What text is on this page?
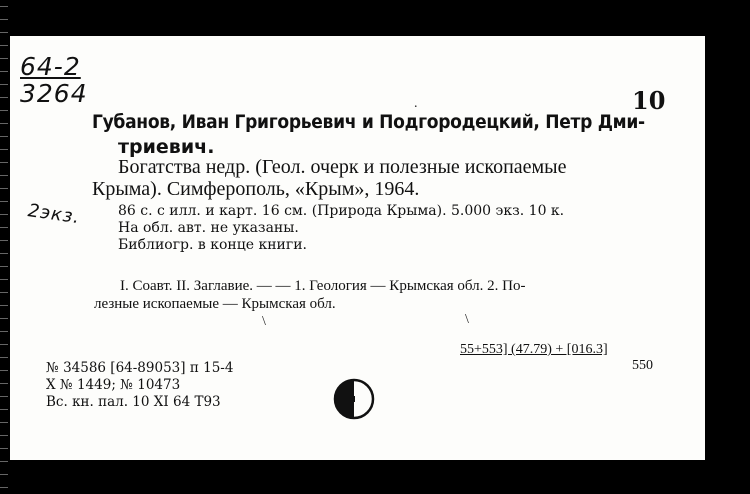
64-2
3264	10
Губанов, Иван Григорьевич и Подгородецкий, Петр Дми-
триевич.
Богатства недр. (Геол. очерк и полезные ископаемые
Крыма). Симферополь, «Крым», 1964.
2экз.	86 с. с илл. и карт. 16 см. (Природа Крыма). 5.000 экз. 10 к.
На обл. авт. не указаны.
Библиогр. в конце книги.
I. Соавт. II. Заглавие. — — 1. Геология — Крымская обл. 2. По-
лезные ископаемые — Крымская обл.
55+553] (47.79) + [016.3]
550
№ 34586 [64-89053] п 15-4
X № 1449; № 10473
Вс. кн. пал. 10 XI 64 Т93
\	\
.
